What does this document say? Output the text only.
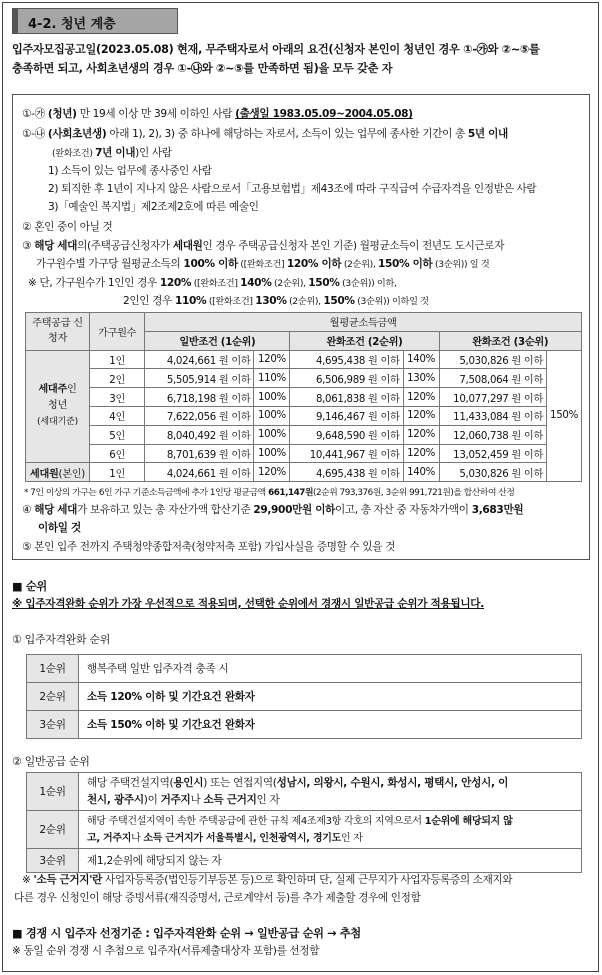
4-2. 청년 계층
입주자모집공고일(2023.05.08) 현재, 무주택자로서 아래의 요건(신청자 본인이 청년인 경우 ①-㉮와 ②~⑤를
충족하면 되고, 사회초년생의 경우 ①-㉯와 ②~⑤를 만족하면 됨)을 모두 갖춘 자
①-㉮ (청년) 만 19세 이상 만 39세 이하인 사람 (출생일 1983.05.09~2004.05.08)
①-㉯ (사회초년생) 아래 1), 2), 3) 중 하나에 해당하는 자로서, 소득이 있는 업무에 종사한 기간이 총 5년 이내
(완화조건) 7년 이내)인 사람
1) 소득이 있는 업무에 종사중인 사람
2) 퇴직한 후 1년이 지나지 않은 사람으로서「고용보험법」제43조에 따라 구직급여 수급자격을 인정받은 사람
3)「예술인 복지법」제2조제2호에 따른 예술인
② 혼인 중이 아닐 것
③ 해당 세대의(주택공급신청자가 세대원인 경우 주택공급신청자 본인 기준) 월평균소득이 전년도 도시근로자
가구원수별 가구당 월평균소득의 100% 이하 ([완화조건] 120% 이하 (2순위), 150% 이하 (3순위)) 일 것
※ 단, 가구원수가 1인인 경우 120% ([완화조건] 140% (2순위), 150% (3순위)) 이하,
2인인 경우 110% ([완화조건] 130% (2순위), 150% (3순위)) 이하일 것
주택공급 신청자	가구원수	월평균소득금액					
		일반조건 (1순위)		완화조건 (2순위)		완화조건 (3순위)	
세대주인
청년
(세대기준)	1인	4,024,661 원 이하	120%	4,695,438 원 이하	140%	5,030,826 원 이하	150%
	2인	5,505,914 원 이하	110%	6,506,989 원 이하	130%	7,508,064 원 이하	
	3인	6,718,198 원 이하	100%	8,061,838 원 이하	120%	10,077,297 원 이하	
	4인	7,622,056 원 이하	100%	9,146,467 원 이하	120%	11,433,084 원 이하	
	5인	8,040,492 원 이하	100%	9,648,590 원 이하	120%	12,060,738 원 이하	
	6인	8,701,639 원 이하	100%	10,441,967 원 이하	120%	13,052,459 원 이하	
세대원(본인)	1인	4,024,661 원 이하	120%	4,695,438 원 이하	140%	5,030,826 원 이하	
* 7인 이상의 가구는 6인 가구 기준소득금액에 추가 1인당 평균금액 661,147원(2순위 793,376원, 3순위 991,721원)을 합산하여 산정
④ 해당 세대가 보유하고 있는 총 자산가액 합산기준 29,900만원 이하이고, 총 자산 중 자동차가액이 3,683만원
이하일 것
⑤ 본인 입주 전까지 주택청약종합저축(청약저축 포함) 가입사실을 증명할 수 있을 것
■ 순위
※ 입주자격완화 순위가 가장 우선적으로 적용되며, 선택한 순위에서 경쟁시 일반공급 순위가 적용됩니다.
① 입주자격완화 순위
1순위	행복주택 일반 입주자격 충족 시
2순위	소득 120% 이하 및 기간요건 완화자
3순위	소득 150% 이하 및 기간요건 완화자
② 일반공급 순위
1순위	해당 주택건설지역(용인시) 또는 연접지역(성남시, 의왕시, 수원시, 화성시, 평택시, 안성시, 이
천시, 광주시)이 거주지나 소득 근거지인 자
2순위	해당 주택건설지역이 속한 주택공급에 관한 규칙 제4조제3항 각호의 지역으로서 1순위에 해당되지 않
고, 거주지나 소득 근거지가 서울특별시, 인천광역시, 경기도인 자
3순위	제1,2순위에 해당되지 않는 자
※ '소득 근거지'란 사업자등록증(법인등기부등본 등)으로 확인하며 단, 실제 근무지가 사업자등록증의 소재지와
다른 경우 신청인이 해당 증빙서류(재직증명서, 근로계약서 등)를 추가 제출할 경우에 인정함
■ 경쟁 시 입주자 선정기준 : 입주자격완화 순위 → 일반공급 순위 → 추첨
※ 동일 순위 경쟁 시 추첨으로 입주자(서류제출대상자 포함)를 선정함
